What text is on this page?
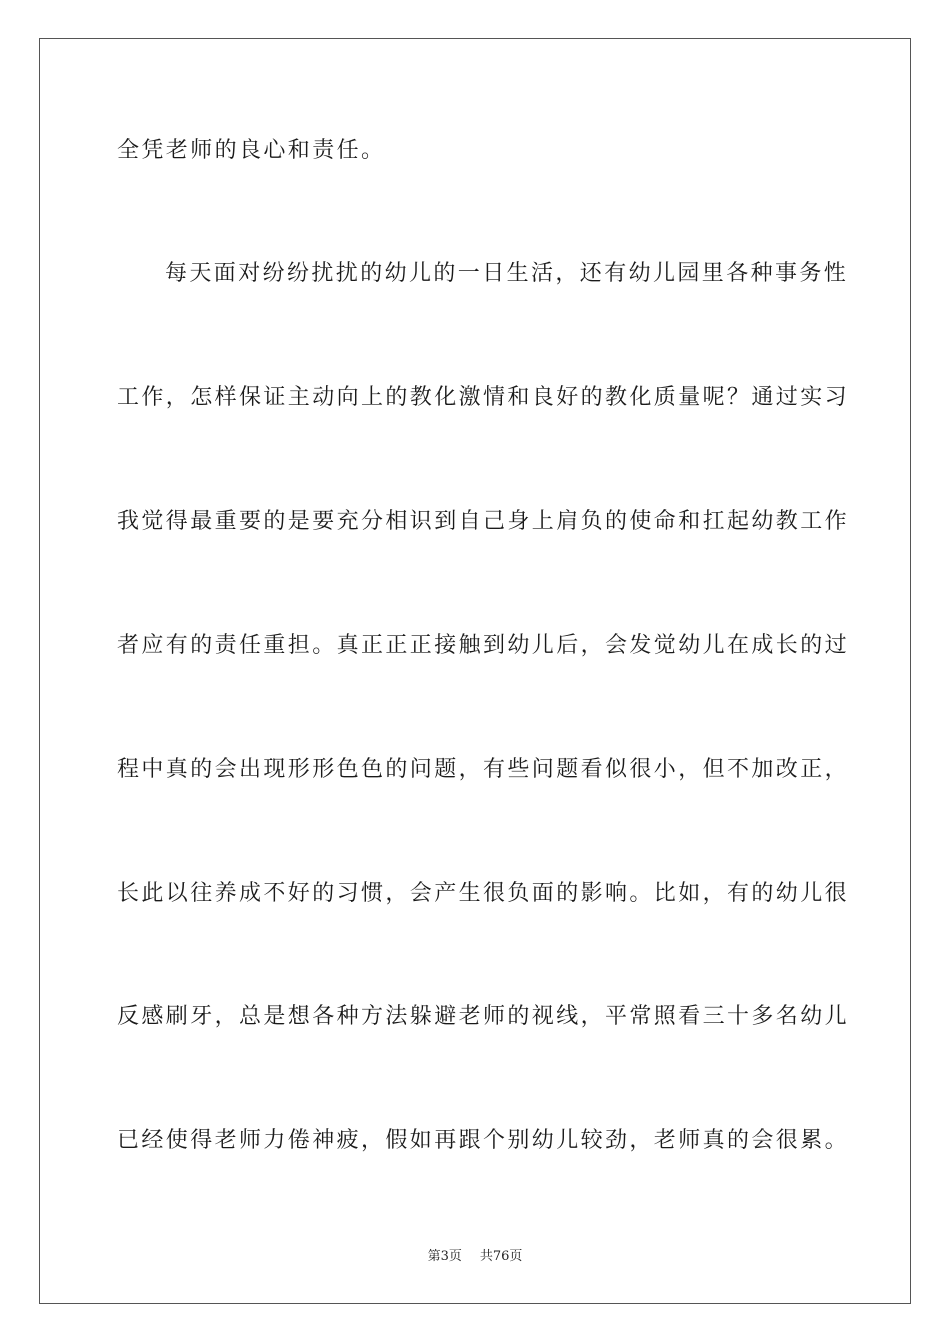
全凭老师的良心和责任。
每天面对纷纷扰扰的幼儿的一日生活，还有幼儿园里各种事务性
工作，怎样保证主动向上的教化激情和良好的教化质量呢？通过实习
我觉得最重要的是要充分相识到自己身上肩负的使命和扛起幼教工作
者应有的责任重担。真正正正接触到幼儿后，会发觉幼儿在成长的过
程中真的会出现形形色色的问题，有些问题看似很小，但不加改正，
长此以往养成不好的习惯，会产生很负面的影响。比如，有的幼儿很
反感刷牙，总是想各种方法躲避老师的视线，平常照看三十多名幼儿
已经使得老师力倦神疲，假如再跟个别幼儿较劲，老师真的会很累。
第3页 共76页
